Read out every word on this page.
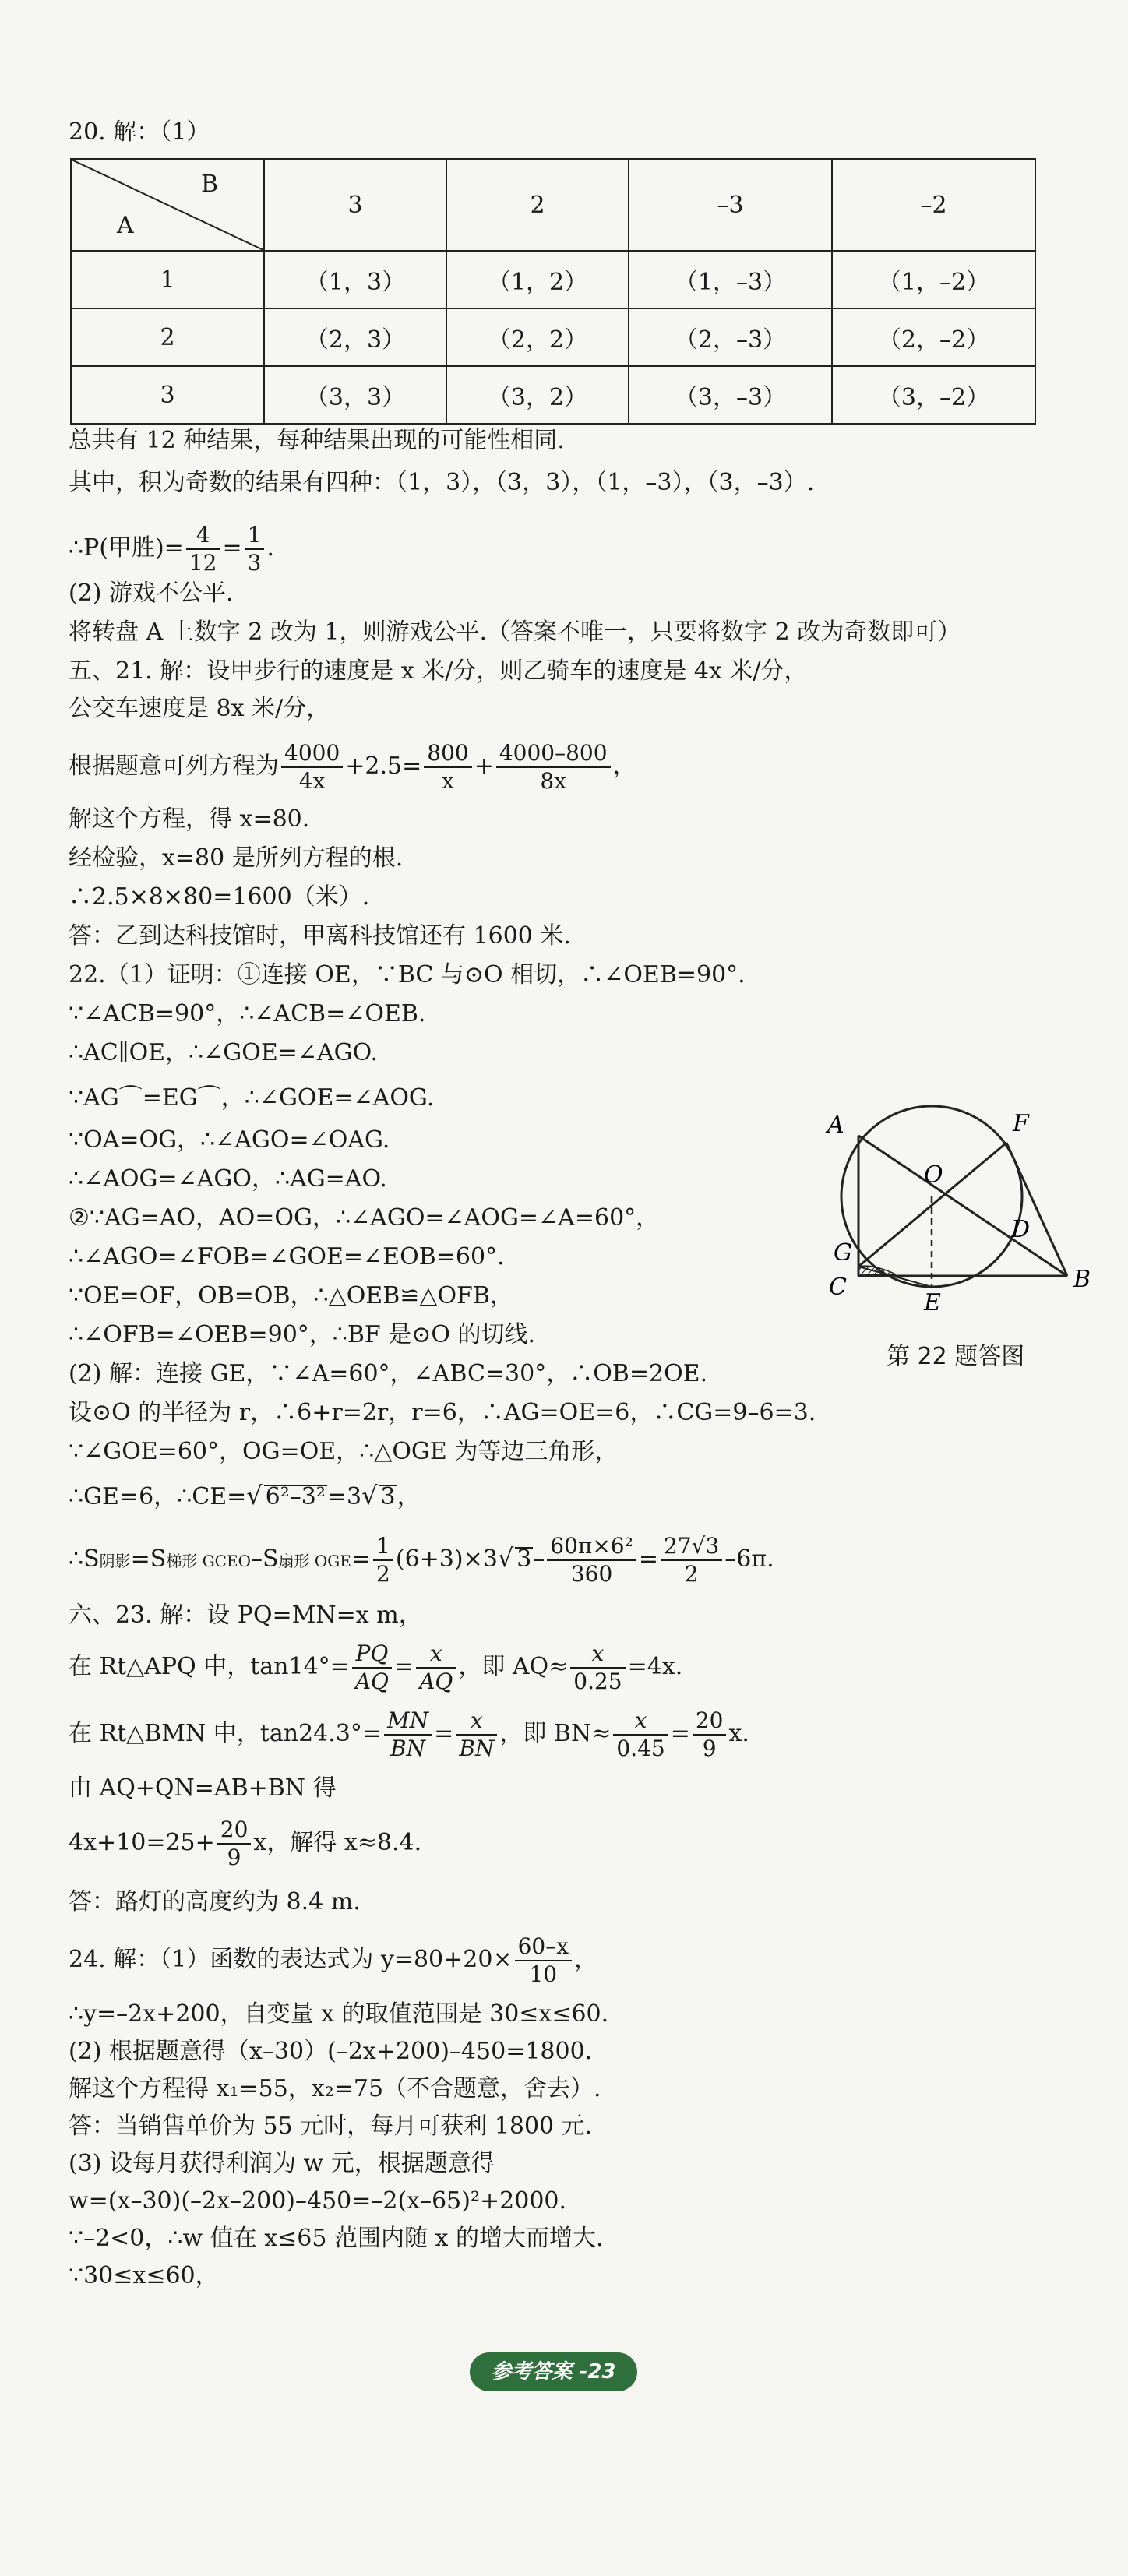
20. 解：（1）
B
A	3	2	–3	–2
1	（1，3）	（1，2）	（1，–3）	（1，–2）
2	（2，3）	（2，2）	（2，–3）	（2，–2）
3	（3，3）	（3，2）	（3，–3）	（3，–2）
总共有 12 种结果，每种结果出现的可能性相同.
其中，积为奇数的结果有四种：（1，3），（3，3），（1，–3），（3，–3）.
∴P(甲胜)= $\frac{4}{12} = \frac{1}{3}$ .
(2) 游戏不公平.
将转盘 A 上数字 2 改为 1，则游戏公平.（答案不唯一，只要将数字 2 改为奇数即可）
五、21. 解：设甲步行的速度是 x 米/分，则乙骑车的速度是 4x 米/分，
公交车速度是 8x 米/分，
根据题意可列方程为 $\frac{4000}{4x} +2.5= \frac{800}{x} + \frac{4000-800}{8x}$ ，
解这个方程，得 x=80.
经检验，x=80 是所列方程的根.
∴2.5×8×80=1600（米）.
答：乙到达科技馆时，甲离科技馆还有 1600 米.
22.（1）证明：①连接 OE，∵BC 与⊙O 相切，∴∠OEB=90°.
∵∠ACB=90°，∴∠ACB=∠OEB.
∴AC∥OE，∴∠GOE=∠AGO.
∵AG⌒=EG⌒，∴∠GOE=∠AOG.
∵OA=OG，∴∠AGO=∠OAG.
∴∠AOG=∠AGO，∴AG=AO.
②∵AG=AO，AO=OG，∴∠AGO=∠AOG=∠A=60°，
∴∠AGO=∠FOB=∠GOE=∠EOB=60°.
∵OE=OF，OB=OB，∴△OEB≌△OFB，
∴∠OFB=∠OEB=90°，∴BF 是⊙O 的切线.
(2) 解：连接 GE，∵∠A=60°，∠ABC=30°，∴OB=2OE.
设⊙O 的半径为 r，∴6+r=2r，r=6，∴AG=OE=6，∴CG=9–6=3.
∵∠GOE=60°，OG=OE，∴△OGE 为等边三角形，
∴GE=6，∴CE=√ 6²–3²=3√ 3，
∴S阴影=S梯形 GCEO–S扇形 $OGE= \frac{1}{2} (6+3)\times 3√$ $3- \frac{\text{60π×6²}}{360} = \frac{27√3}{2} -6\pi$.
A	F
O
G
D
C
E
B
第 22 题答图
六、23. 解：设 PQ=MN=x m，
在 Rt△APQ 中，$\tan 14^\circ= \frac{PQ}{AQ} = \frac{x}{AQ}$ ，即 $AQ\approx \frac{x}{0.25} =4x$.
在 Rt△BMN 中，$\tan 24.3^\circ= \frac{MN}{BN} = \frac{x}{BN}$ ，即 $BN\approx \frac{x}{0.45} = \frac{20}{9} x$.
由 AQ+QN=AB+BN 得
$4x+10=25+ \frac{20}{9}$ x，解得 x≈8.4.
答：路灯的高度约为 8.4 m.
24. 解：（1）函数的表达式为 $y=80+20\times \frac{60-x}{10}$ ，
∴y=–2x+200，自变量 x 的取值范围是 30≤x≤60.
(2) 根据题意得（x–30）(–2x+200)–450=1800.
解这个方程得 x₁=55，x₂=75（不合题意，舍去）.
答：当销售单价为 55 元时，每月可获利 1800 元.
(3) 设每月获得利润为 w 元，根据题意得
w=(x–30)(–2x–200)–450=–2(x–65)²+2000.
∵–2<0，∴w 值在 x≤65 范围内随 x 的增大而增大.
∵30≤x≤60，
参考答案 -23
